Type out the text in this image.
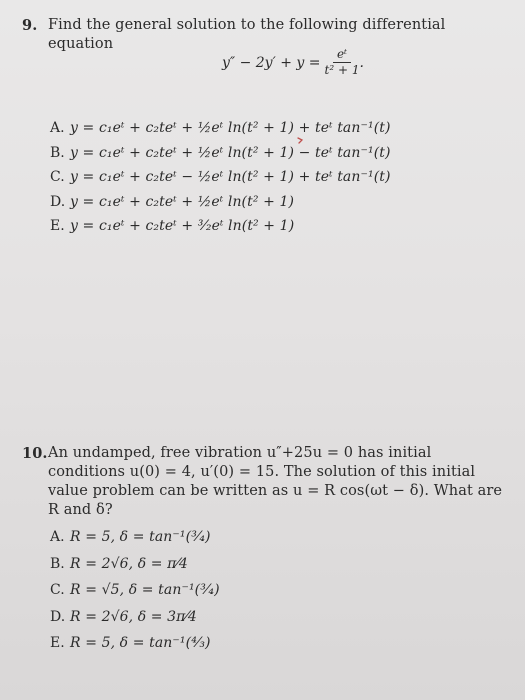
9. Find the general solution to the following differential equation
$y'' - 2y' + y = \frac{\text{eᵗ}}{\text{t² + 1}}$ .
A. y = c₁eᵗ + c₂teᵗ + ½eᵗ ln(t² + 1) + teᵗ tan⁻¹(t)
B. y = c₁eᵗ + c₂teᵗ + ½eᵗ ln(t² + 1) − teᵗ tan⁻¹(t)
C. y = c₁eᵗ + c₂teᵗ − ½eᵗ ln(t² + 1) + teᵗ tan⁻¹(t)
D. y = c₁eᵗ + c₂teᵗ + ½eᵗ ln(t² + 1)
E. y = c₁eᵗ + c₂teᵗ + ³⁄₂eᵗ ln(t² + 1)
10. An undamped, free vibration u″+25u = 0 has initial conditions u(0) = 4, u′(0) = 15. The solution of this initial value problem can be written as u = R cos(ωt − δ). What are R and δ?
A. R = 5, δ = tan⁻¹(³⁄₄)
B. R = 2√6, δ = π⁄4
C. R = √5, δ = tan⁻¹(³⁄₄)
D. R = 2√6, δ = 3π⁄4
E. R = 5, δ = tan⁻¹(⁴⁄₃)
